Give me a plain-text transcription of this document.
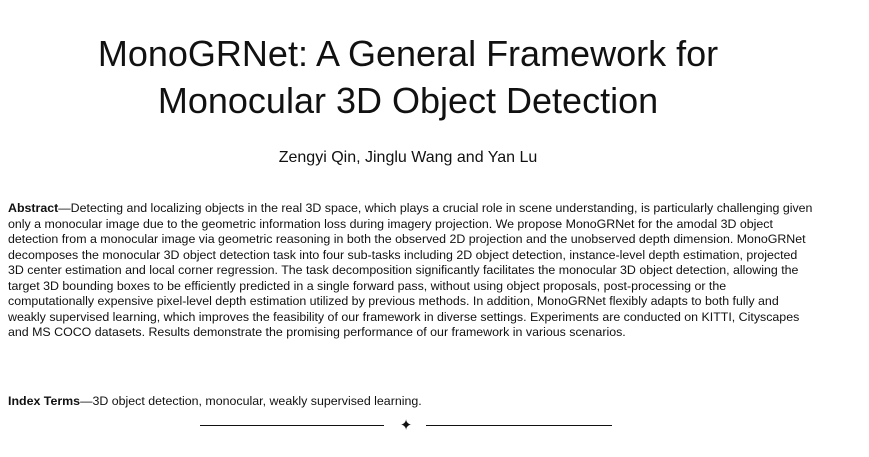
'
MonoGRNet: A General Framework for Monocular 3D Object Detection
Zengyi Qin, Jinglu Wang and Yan Lu

Abstract—Detecting and localizing objects in the real 3D space, which plays a crucial role in scene understanding, is particularly challenging given only a monocular image due to the geometric information loss during imagery projection. We propose MonoGRNet for the amodal 3D object detection from a monocular image via geometric reasoning in both the observed 2D projection and the unobserved depth dimension. MonoGRNet decomposes the monocular 3D object detection task into four sub-tasks including 2D object detection, instance-level depth estimation, projected 3D center estimation and local corner regression. The task decomposition significantly facilitates the monocular 3D object detection, allowing the target 3D bounding boxes to be efficiently predicted in a single forward pass, without using object proposals, post-processing or the computationally expensive pixel-level depth estimation utilized by previous methods. In addition, MonoGRNet flexibly adapts to both fully and weakly supervised learning, which improves the feasibility of our framework in diverse settings. Experiments are conducted on KITTI, Cityscapes and MS COCO datasets. Results demonstrate the promising performance of our framework in various scenarios.

Index Terms—3D object detection, monocular, weakly supervised learning.

✦
